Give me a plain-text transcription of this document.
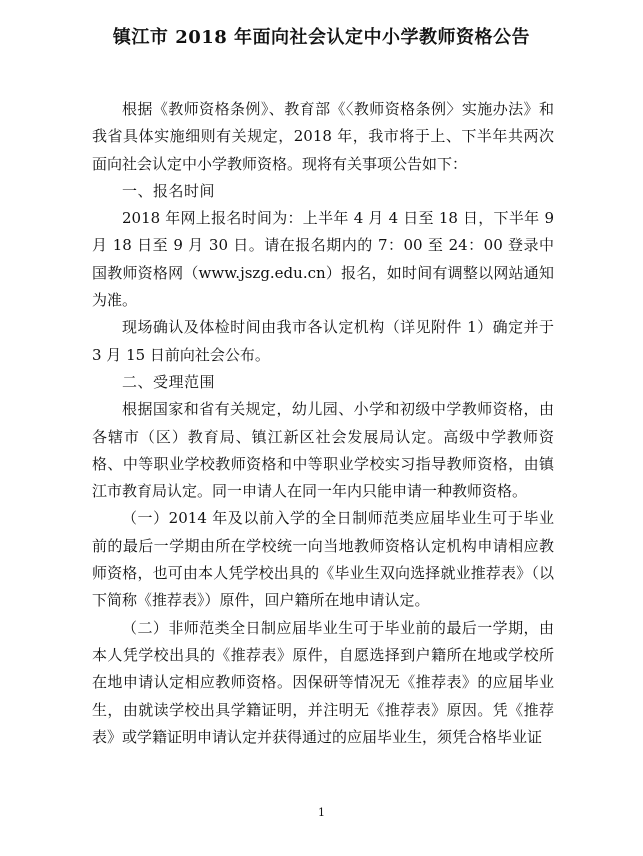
镇江市 2018 年面向社会认定中小学教师资格公告

根据《教师资格条例》、教育部《〈教师资格条例〉实施办法》和我省具体实施细则有关规定，2018 年，我市将于上、下半年共两次面向社会认定中小学教师资格。现将有关事项公告如下：

一、报名时间

2018 年网上报名时间为：上半年 4 月 4 日至 18 日，下半年 9 月 18 日至 9 月 30 日。请在报名期内的 7：00 至 24：00 登录中国教师资格网（www.jszg.edu.cn）报名，如时间有调整以网站通知为准。

现场确认及体检时间由我市各认定机构（详见附件 1）确定并于 3 月 15 日前向社会公布。

二、受理范围

根据国家和省有关规定，幼儿园、小学和初级中学教师资格，由各辖市（区）教育局、镇江新区社会发展局认定。高级中学教师资格、中等职业学校教师资格和中等职业学校实习指导教师资格，由镇江市教育局认定。同一申请人在同一年内只能申请一种教师资格。

（一）2014 年及以前入学的全日制师范类应届毕业生可于毕业前的最后一学期由所在学校统一向当地教师资格认定机构申请相应教师资格，也可由本人凭学校出具的《毕业生双向选择就业推荐表》（以下简称《推荐表》）原件，回户籍所在地申请认定。

（二）非师范类全日制应届毕业生可于毕业前的最后一学期，由本人凭学校出具的《推荐表》原件，自愿选择到户籍所在地或学校所在地申请认定相应教师资格。因保研等情况无《推荐表》的应届毕业生，由就读学校出具学籍证明，并注明无《推荐表》原因。凭《推荐表》或学籍证明申请认定并获得通过的应届毕业生，须凭合格毕业证

1
